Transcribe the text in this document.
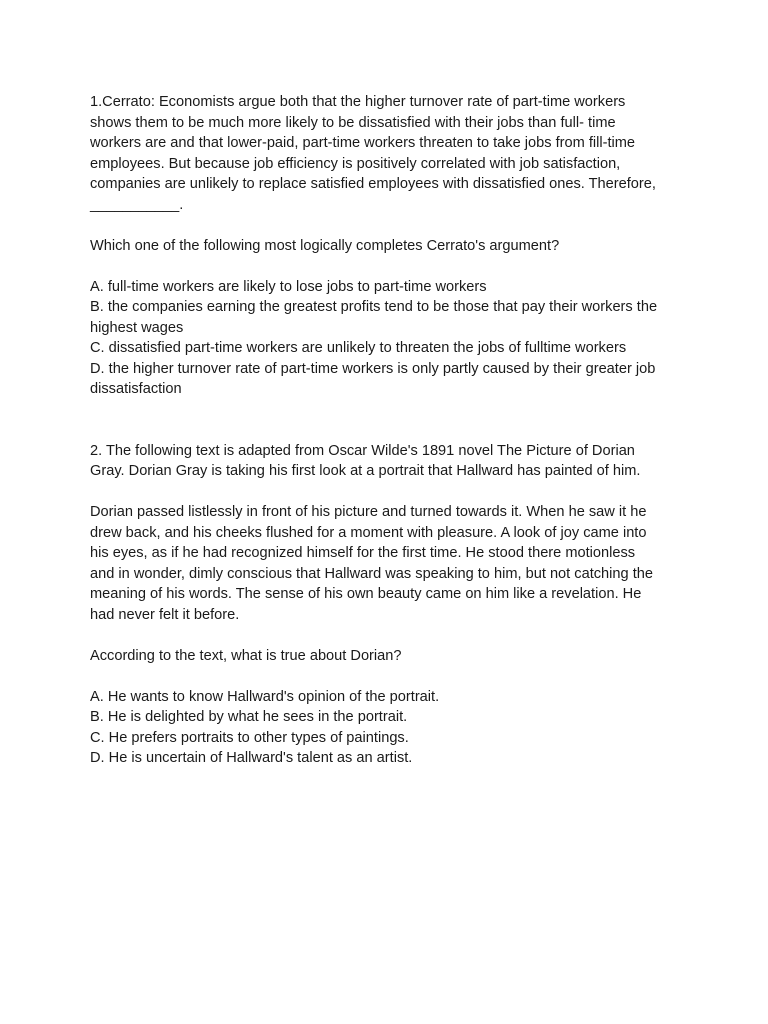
1.Cerrato: Economists argue both that the higher turnover rate of part-time workers
shows them to be much more likely to be dissatisfied with their jobs than full- time
workers are and that lower-paid, part-time workers threaten to take jobs from fill-time
employees. But because job efficiency is positively correlated with job satisfaction,
companies are unlikely to replace satisfied employees with dissatisfied ones. Therefore,
___________.

Which one of the following most logically completes Cerrato's argument?

A. full-time workers are likely to lose jobs to part-time workers

B. the companies earning the greatest profits tend to be those that pay their workers the
highest wages

C. dissatisfied part-time workers are unlikely to threaten the jobs of fulltime workers

D. the higher turnover rate of part-time workers is only partly caused by their greater job
dissatisfaction

2. The following text is adapted from Oscar Wilde's 1891 novel The Picture of Dorian
Gray. Dorian Gray is taking his first look at a portrait that Hallward has painted of him.

Dorian passed listlessly in front of his picture and turned towards it. When he saw it he
drew back, and his cheeks flushed for a moment with pleasure. A look of joy came into
his eyes, as if he had recognized himself for the first time. He stood there motionless
and in wonder, dimly conscious that Hallward was speaking to him, but not catching the
meaning of his words. The sense of his own beauty came on him like a revelation. He
had never felt it before.

According to the text, what is true about Dorian?

A. He wants to know Hallward's opinion of the portrait.

B. He is delighted by what he sees in the portrait.

C. He prefers portraits to other types of paintings.

D. He is uncertain of Hallward's talent as an artist.
